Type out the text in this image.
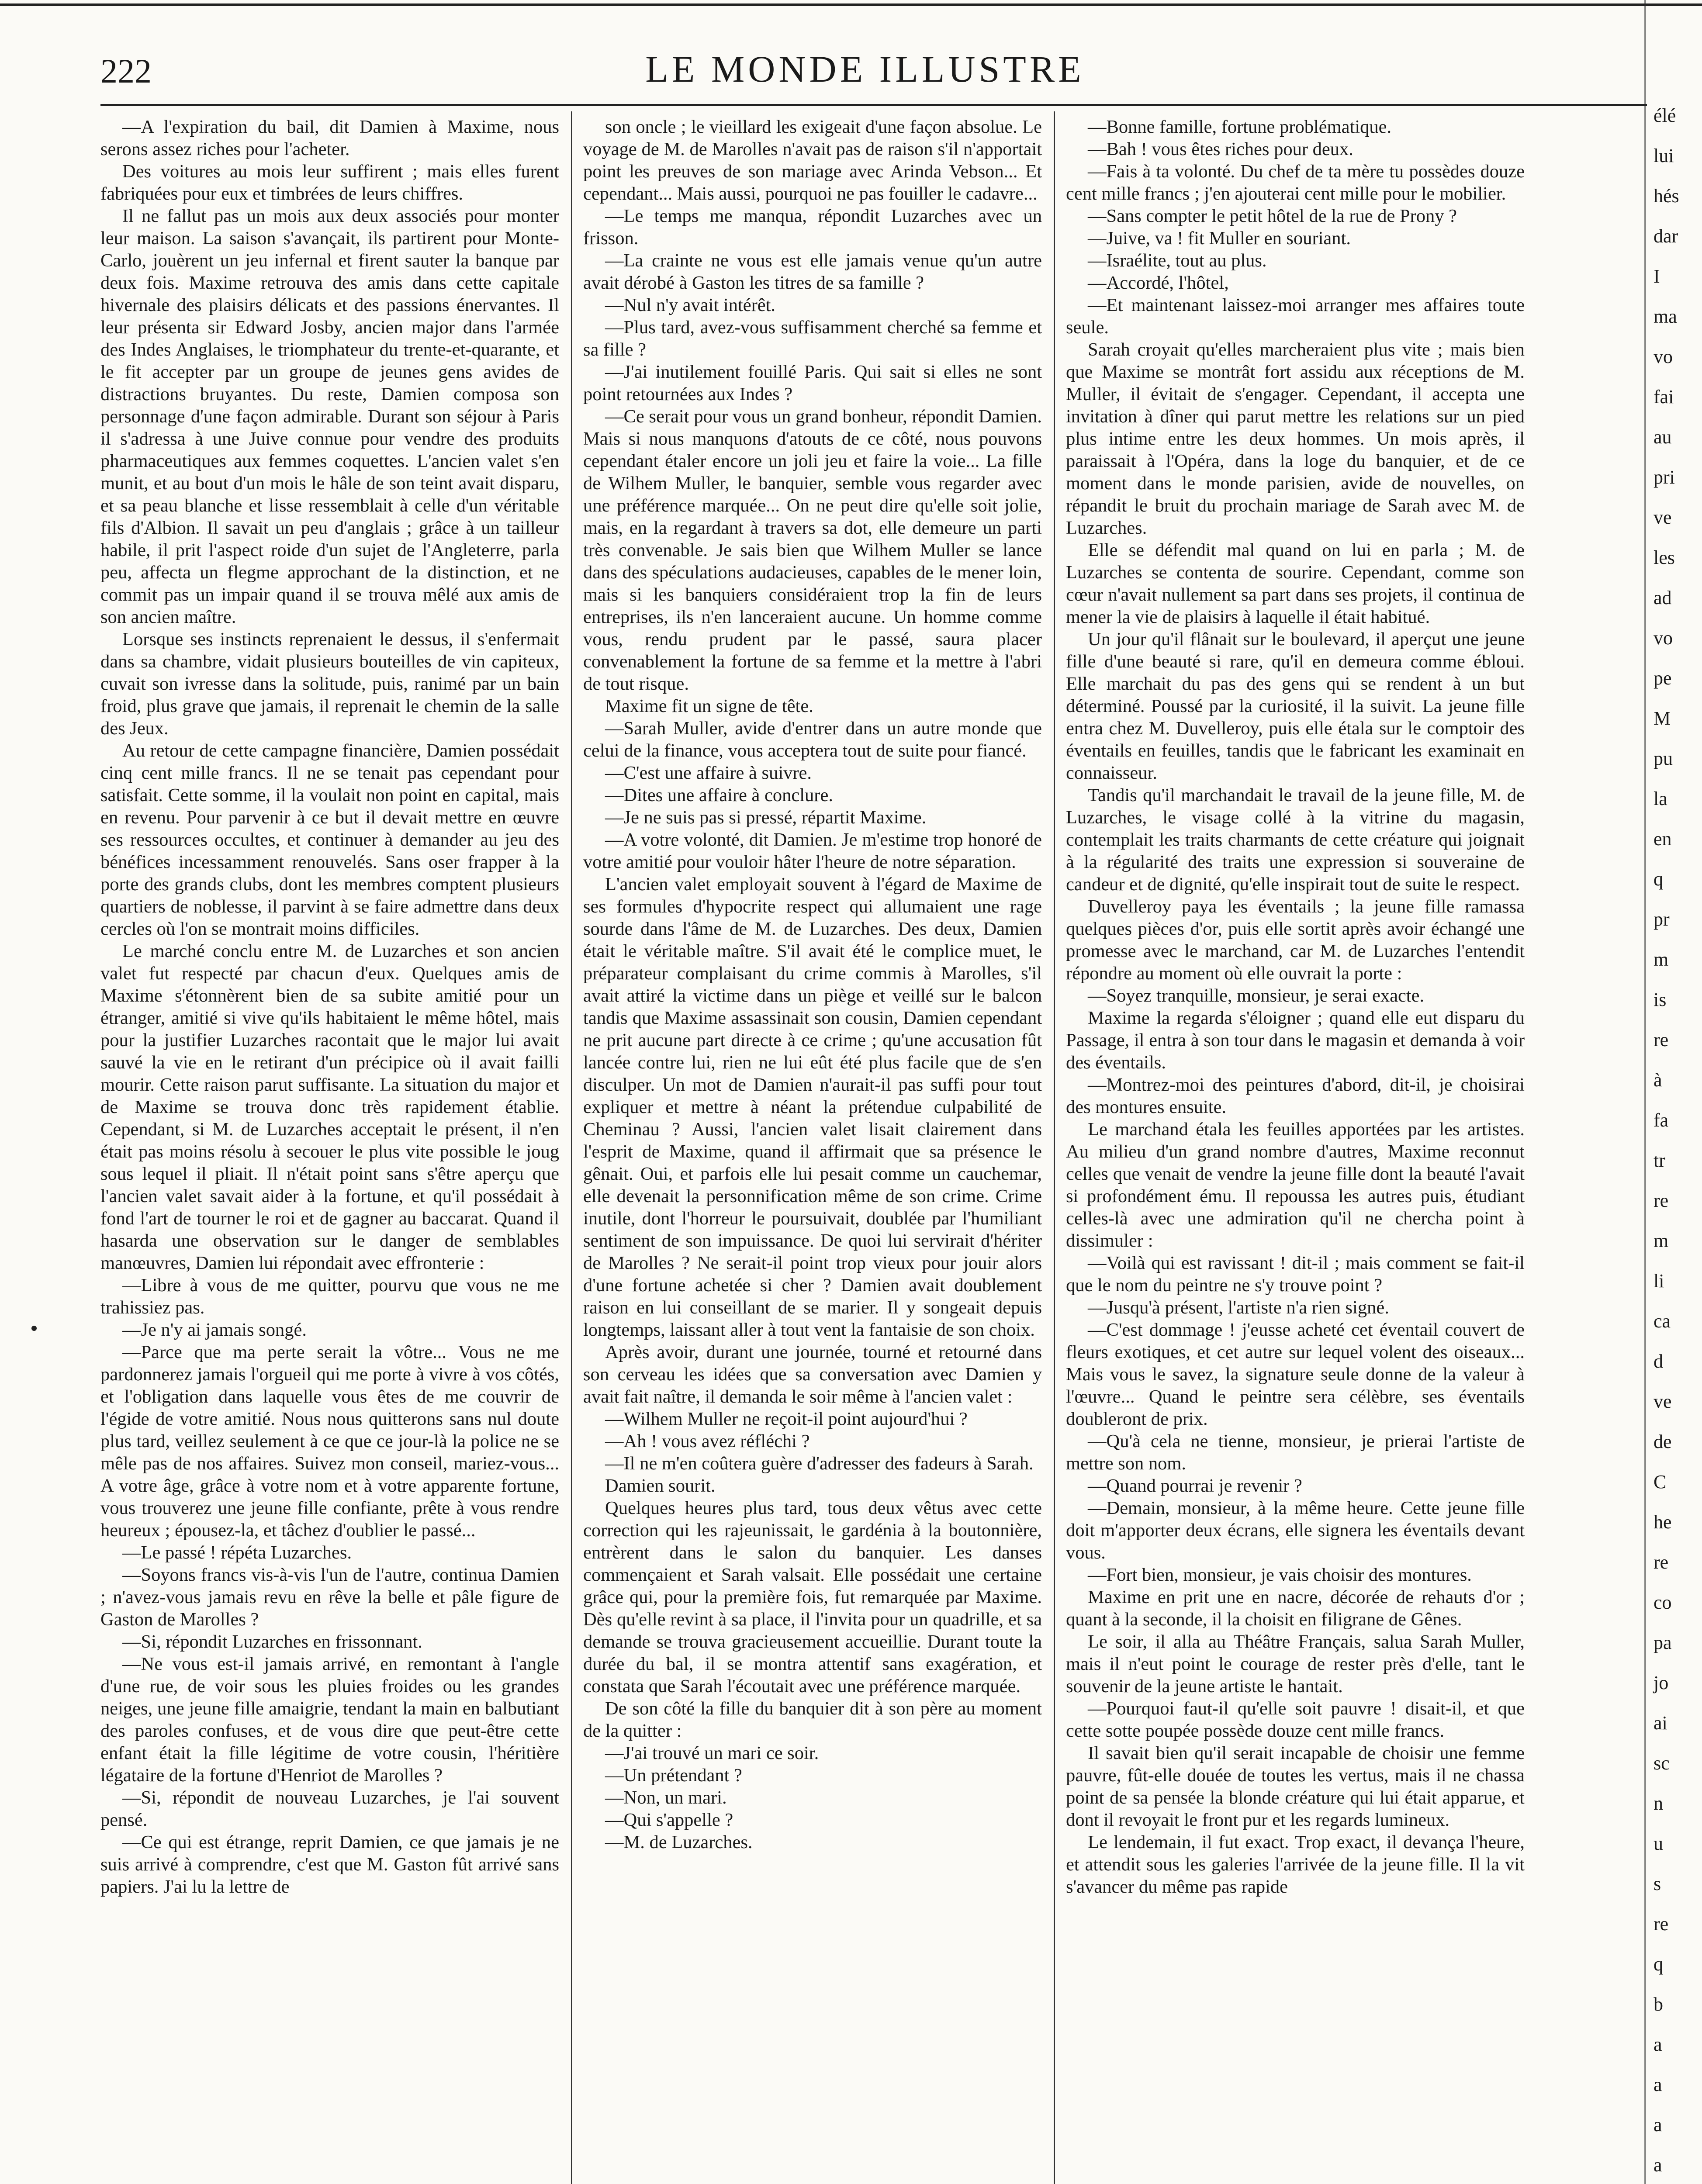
222	LE MONDE ILLUSTRE

—A l'expiration du bail, dit Damien à Maxime, nous serons assez riches pour l'acheter.

Des voitures au mois leur suffirent ; mais elles furent fabriquées pour eux et timbrées de leurs chiffres.

Il ne fallut pas un mois aux deux associés pour monter leur maison. La saison s'avançait, ils partirent pour Monte-Carlo, jouèrent un jeu infernal et firent sauter la banque par deux fois. Maxime retrouva des amis dans cette capitale hivernale des plaisirs délicats et des passions énervantes. Il leur présenta sir Edward Josby, ancien major dans l'armée des Indes Anglaises, le triomphateur du trente-et-quarante, et le fit accepter par un groupe de jeunes gens avides de distractions bruyantes. Du reste, Damien composa son personnage d'une façon admirable. Durant son séjour à Paris il s'adressa à une Juive connue pour vendre des produits pharmaceutiques aux femmes coquettes. L'ancien valet s'en munit, et au bout d'un mois le hâle de son teint avait disparu, et sa peau blanche et lisse ressemblait à celle d'un véritable fils d'Albion. Il savait un peu d'anglais ; grâce à un tailleur habile, il prit l'aspect roide d'un sujet de l'Angleterre, parla peu, affecta un flegme approchant de la distinction, et ne commit pas un impair quand il se trouva mêlé aux amis de son ancien maître.

Lorsque ses instincts reprenaient le dessus, il s'enfermait dans sa chambre, vidait plusieurs bouteilles de vin capiteux, cuvait son ivresse dans la solitude, puis, ranimé par un bain froid, plus grave que jamais, il reprenait le chemin de la salle des Jeux.

Au retour de cette campagne financière, Damien possédait cinq cent mille francs. Il ne se tenait pas cependant pour satisfait. Cette somme, il la voulait non point en capital, mais en revenu. Pour parvenir à ce but il devait mettre en œuvre ses ressources occultes, et continuer à demander au jeu des bénéfices incessamment renouvelés. Sans oser frapper à la porte des grands clubs, dont les membres comptent plusieurs quartiers de noblesse, il parvint à se faire admettre dans deux cercles où l'on se montrait moins difficiles.

Le marché conclu entre M. de Luzarches et son ancien valet fut respecté par chacun d'eux. Quelques amis de Maxime s'étonnèrent bien de sa subite amitié pour un étranger, amitié si vive qu'ils habitaient le même hôtel, mais pour la justifier Luzarches racontait que le major lui avait sauvé la vie en le retirant d'un précipice où il avait failli mourir. Cette raison parut suffisante. La situation du major et de Maxime se trouva donc très rapidement établie. Cependant, si M. de Luzarches acceptait le présent, il n'en était pas moins résolu à secouer le plus vite possible le joug sous lequel il pliait. Il n'était point sans s'être aperçu que l'ancien valet savait aider à la fortune, et qu'il possédait à fond l'art de tourner le roi et de gagner au baccarat. Quand il hasarda une observation sur le danger de semblables manœuvres, Damien lui répondait avec effronterie :

—Libre à vous de me quitter, pourvu que vous ne me trahissiez pas.

—Je n'y ai jamais songé.

—Parce que ma perte serait la vôtre... Vous ne me pardonnerez jamais l'orgueil qui me porte à vivre à vos côtés, et l'obligation dans laquelle vous êtes de me couvrir de l'égide de votre amitié. Nous nous quitterons sans nul doute plus tard, veillez seulement à ce que ce jour-là la police ne se mêle pas de nos affaires. Suivez mon conseil, mariez-vous... A votre âge, grâce à votre nom et à votre apparente fortune, vous trouverez une jeune fille confiante, prête à vous rendre heureux ; épousez-la, et tâchez d'oublier le passé...

—Le passé ! répéta Luzarches.

—Soyons francs vis-à-vis l'un de l'autre, continua Damien ; n'avez-vous jamais revu en rêve la belle et pâle figure de Gaston de Marolles ?

—Si, répondit Luzarches en frissonnant.

—Ne vous est-il jamais arrivé, en remontant à l'angle d'une rue, de voir sous les pluies froides ou les grandes neiges, une jeune fille amaigrie, tendant la main en balbutiant des paroles confuses, et de vous dire que peut-être cette enfant était la fille légitime de votre cousin, l'héritière légataire de la fortune d'Henriot de Marolles ?

—Si, répondit de nouveau Luzarches, je l'ai souvent pensé.

—Ce qui est étrange, reprit Damien, ce que jamais je ne suis arrivé à comprendre, c'est que M. Gaston fût arrivé sans papiers. J'ai lu la lettre de

son oncle ; le vieillard les exigeait d'une façon absolue. Le voyage de M. de Marolles n'avait pas de raison s'il n'apportait point les preuves de son mariage avec Arinda Vebson... Et cependant... Mais aussi, pourquoi ne pas fouiller le cadavre...

—Le temps me manqua, répondit Luzarches avec un frisson.

—La crainte ne vous est elle jamais venue qu'un autre avait dérobé à Gaston les titres de sa famille ?

—Nul n'y avait intérêt.

—Plus tard, avez-vous suffisamment cherché sa femme et sa fille ?

—J'ai inutilement fouillé Paris. Qui sait si elles ne sont point retournées aux Indes ?

—Ce serait pour vous un grand bonheur, répondit Damien. Mais si nous manquons d'atouts de ce côté, nous pouvons cependant étaler encore un joli jeu et faire la voie... La fille de Wilhem Muller, le banquier, semble vous regarder avec une préférence marquée... On ne peut dire qu'elle soit jolie, mais, en la regardant à travers sa dot, elle demeure un parti très convenable. Je sais bien que Wilhem Muller se lance dans des spéculations audacieuses, capables de le mener loin, mais si les banquiers considéraient trop la fin de leurs entreprises, ils n'en lanceraient aucune. Un homme comme vous, rendu prudent par le passé, saura placer convenablement la fortune de sa femme et la mettre à l'abri de tout risque.

Maxime fit un signe de tête.

—Sarah Muller, avide d'entrer dans un autre monde que celui de la finance, vous acceptera tout de suite pour fiancé.

—C'est une affaire à suivre.

—Dites une affaire à conclure.

—Je ne suis pas si pressé, répartit Maxime.

—A votre volonté, dit Damien. Je m'estime trop honoré de votre amitié pour vouloir hâter l'heure de notre séparation.

L'ancien valet employait souvent à l'égard de Maxime de ses formules d'hypocrite respect qui allumaient une rage sourde dans l'âme de M. de Luzarches. Des deux, Damien était le véritable maître. S'il avait été le complice muet, le préparateur complaisant du crime commis à Marolles, s'il avait attiré la victime dans un piège et veillé sur le balcon tandis que Maxime assassinait son cousin, Damien cependant ne prit aucune part directe à ce crime ; qu'une accusation fût lancée contre lui, rien ne lui eût été plus facile que de s'en disculper. Un mot de Damien n'aurait-il pas suffi pour tout expliquer et mettre à néant la prétendue culpabilité de Cheminau ? Aussi, l'ancien valet lisait clairement dans l'esprit de Maxime, quand il affirmait que sa présence le gênait. Oui, et parfois elle lui pesait comme un cauchemar, elle devenait la personnification même de son crime. Crime inutile, dont l'horreur le poursuivait, doublée par l'humiliant sentiment de son impuissance. De quoi lui servirait d'hériter de Marolles ? Ne serait-il point trop vieux pour jouir alors d'une fortune achetée si cher ? Damien avait doublement raison en lui conseillant de se marier. Il y songeait depuis longtemps, laissant aller à tout vent la fantaisie de son choix.

Après avoir, durant une journée, tourné et retourné dans son cerveau les idées que sa conversation avec Damien y avait fait naître, il demanda le soir même à l'ancien valet :

—Wilhem Muller ne reçoit-il point aujourd'hui ?

—Ah ! vous avez réfléchi ?

—Il ne m'en coûtera guère d'adresser des fadeurs à Sarah.

Damien sourit.

Quelques heures plus tard, tous deux vêtus avec cette correction qui les rajeunissait, le gardénia à la boutonnière, entrèrent dans le salon du banquier. Les danses commençaient et Sarah valsait. Elle possédait une certaine grâce qui, pour la première fois, fut remarquée par Maxime. Dès qu'elle revint à sa place, il l'invita pour un quadrille, et sa demande se trouva gracieusement accueillie. Durant toute la durée du bal, il se montra attentif sans exagération, et constata que Sarah l'écoutait avec une préférence marquée.

De son côté la fille du banquier dit à son père au moment de la quitter :

—J'ai trouvé un mari ce soir.

—Un prétendant ?

—Non, un mari.

—Qui s'appelle ?

—M. de Luzarches.

—Bonne famille, fortune problématique.

—Bah ! vous êtes riches pour deux.

—Fais à ta volonté. Du chef de ta mère tu possèdes douze cent mille francs ; j'en ajouterai cent mille pour le mobilier.

—Sans compter le petit hôtel de la rue de Prony ?

—Juive, va ! fit Muller en souriant.

—Israélite, tout au plus.

—Accordé, l'hôtel,

—Et maintenant laissez-moi arranger mes affaires toute seule.

Sarah croyait qu'elles marcheraient plus vite ; mais bien que Maxime se montrât fort assidu aux réceptions de M. Muller, il évitait de s'engager. Cependant, il accepta une invitation à dîner qui parut mettre les relations sur un pied plus intime entre les deux hommes. Un mois après, il paraissait à l'Opéra, dans la loge du banquier, et de ce moment dans le monde parisien, avide de nouvelles, on répandit le bruit du prochain mariage de Sarah avec M. de Luzarches.

Elle se défendit mal quand on lui en parla ; M. de Luzarches se contenta de sourire. Cependant, comme son cœur n'avait nullement sa part dans ses projets, il continua de mener la vie de plaisirs à laquelle il était habitué.

Un jour qu'il flânait sur le boulevard, il aperçut une jeune fille d'une beauté si rare, qu'il en demeura comme ébloui. Elle marchait du pas des gens qui se rendent à un but déterminé. Poussé par la curiosité, il la suivit. La jeune fille entra chez M. Duvelleroy, puis elle étala sur le comptoir des éventails en feuilles, tandis que le fabricant les examinait en connaisseur.

Tandis qu'il marchandait le travail de la jeune fille, M. de Luzarches, le visage collé à la vitrine du magasin, contemplait les traits charmants de cette créature qui joignait à la régularité des traits une expression si souveraine de candeur et de dignité, qu'elle inspirait tout de suite le respect.

Duvelleroy paya les éventails ; la jeune fille ramassa quelques pièces d'or, puis elle sortit après avoir échangé une promesse avec le marchand, car M. de Luzarches l'entendit répondre au moment où elle ouvrait la porte :

—Soyez tranquille, monsieur, je serai exacte.

Maxime la regarda s'éloigner ; quand elle eut disparu du Passage, il entra à son tour dans le magasin et demanda à voir des éventails.

—Montrez-moi des peintures d'abord, dit-il, je choisirai des montures ensuite.

Le marchand étala les feuilles apportées par les artistes. Au milieu d'un grand nombre d'autres, Maxime reconnut celles que venait de vendre la jeune fille dont la beauté l'avait si profondément ému. Il repoussa les autres puis, étudiant celles-là avec une admiration qu'il ne chercha point à dissimuler :

—Voilà qui est ravissant ! dit-il ; mais comment se fait-il que le nom du peintre ne s'y trouve point ?

—Jusqu'à présent, l'artiste n'a rien signé.

—C'est dommage ! j'eusse acheté cet éventail couvert de fleurs exotiques, et cet autre sur lequel volent des oiseaux... Mais vous le savez, la signature seule donne de la valeur à l'œuvre... Quand le peintre sera célèbre, ses éventails doubleront de prix.

—Qu'à cela ne tienne, monsieur, je prierai l'artiste de mettre son nom.

—Quand pourrai je revenir ?

—Demain, monsieur, à la même heure. Cette jeune fille doit m'apporter deux écrans, elle signera les éventails devant vous.

—Fort bien, monsieur, je vais choisir des montures.

Maxime en prit une en nacre, décorée de rehauts d'or ; quant à la seconde, il la choisit en filigrane de Gênes.

Le soir, il alla au Théâtre Français, salua Sarah Muller, mais il n'eut point le courage de rester près d'elle, tant le souvenir de la jeune artiste le hantait.

—Pourquoi faut-il qu'elle soit pauvre ! disait-il, et que cette sotte poupée possède douze cent mille francs.

Il savait bien qu'il serait incapable de choisir une femme pauvre, fût-elle douée de toutes les vertus, mais il ne chassa point de sa pensée la blonde créature qui lui était apparue, et dont il revoyait le front pur et les regards lumineux.

Le lendemain, il fut exact. Trop exact, il devança l'heure, et attendit sous les galeries l'arrivée de la jeune fille. Il la vit s'avancer du même pas rapide

élé
lui
hés
dar
I
ma
vo
fai
au
pri
ve
les
ad
vo
pe
M
pu
la
en
q
pr
m
is
re
à
fa
tr
re
m
li
ca
d
ve
de
C
he
re
co
pa
jo
ai
sc
n
u
s
re
q
b
a
a
a
a
